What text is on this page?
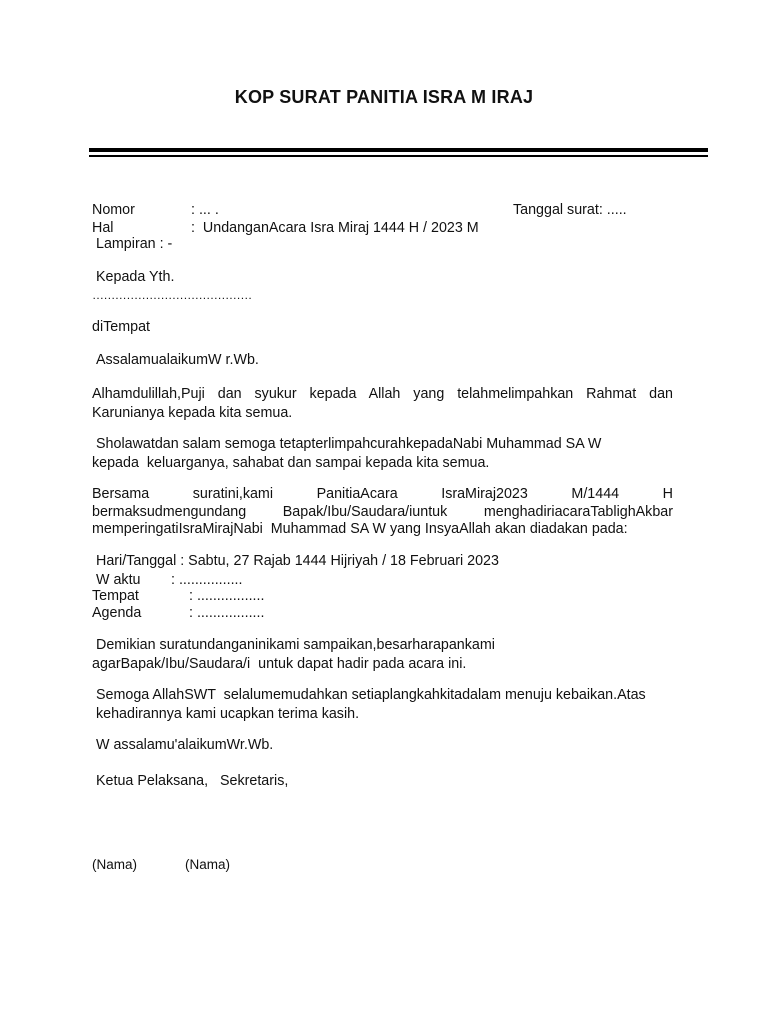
KOP SURAT PANITIA ISRA M IRAJ
Nomor	: ... .	Tanggal surat: .....
Hal	:  UndanganAcara Isra Miraj 1444 H / 2023 M
Lampiran : -
Kepada Yth.
……………………………………
diTempat
AssalamualaikumW r.Wb.
Alhamdulillah,Puji dan syukur kepada Allah yang telahmelimpahkan Rahmat dan
Karunianya kepada kita semua.
Sholawatdan salam semoga tetapterlimpahcurahkepadaNabi Muhammad SA W
kepada  keluarganya, sahabat dan sampai kepada kita semua.
Bersama suratini,kami PanitiaAcara IsraMiraj2023 M/1444 H
bermaksudmengundang Bapak/Ibu/Saudara/iuntuk menghadiriacaraTablighAkbar
memperingatiIsraMirajNabi  Muhammad SA W yang InsyaAllah akan diadakan pada:
Hari/Tanggal : Sabtu, 27 Rajab 1444 Hijriyah / 18 Februari 2023
W aktu : ................
Tempat	: .................
Agenda	: .................
Demikian suratundanganinikami sampaikan,besarharapankami
agarBapak/Ibu/Saudara/i  untuk dapat hadir pada acara ini.
Semoga AllahSWT  selalumemudahkan setiaplangkahkitadalam menuju kebaikan.Atas
kehadirannya kami ucapkan terima kasih.
W assalamu'alaikumWr.Wb.
Ketua Pelaksana,   Sekretaris,
(Nama)	(Nama)
